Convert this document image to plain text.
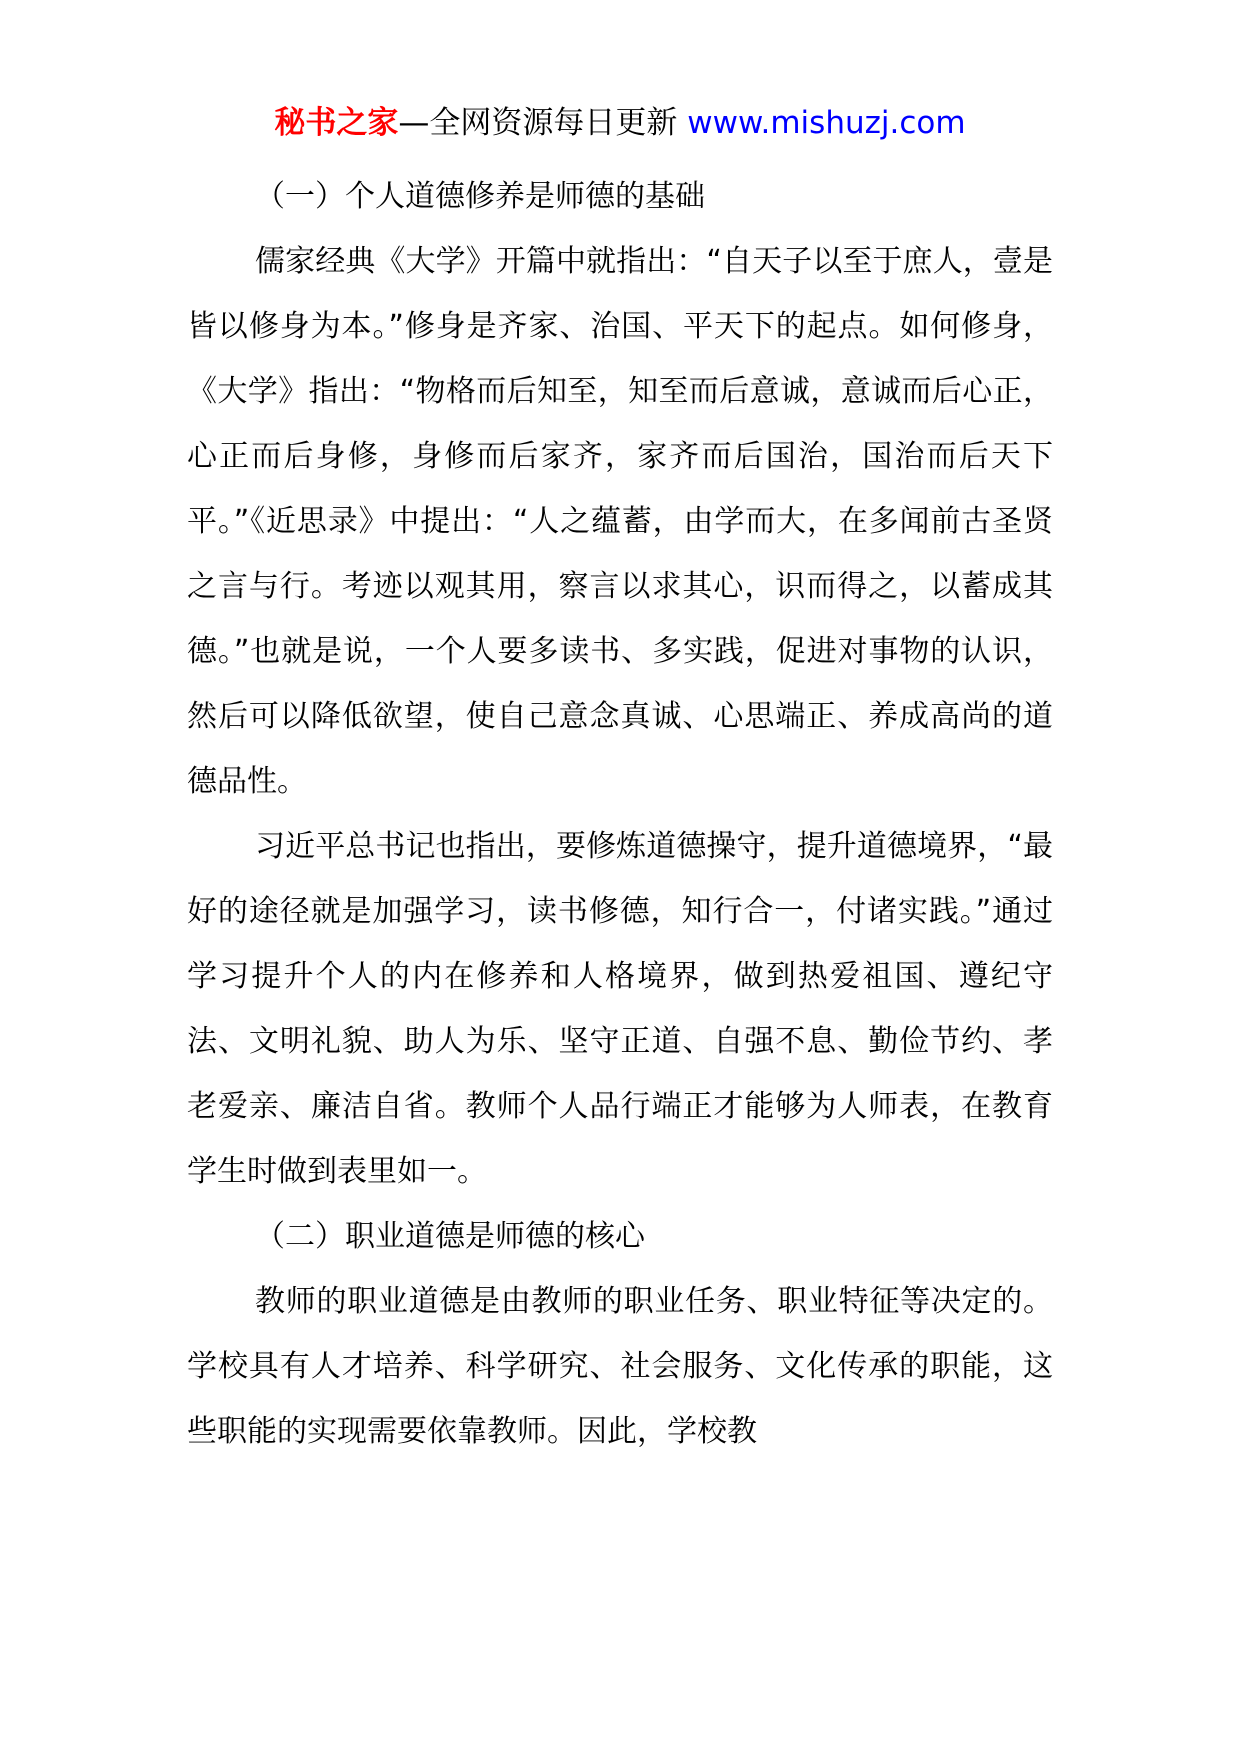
秘书之家—全网资源每日更新 www.mishuzj.com

（一）个人道德修养是师德的基础

儒家经典《大学》开篇中就指出：“自天子以至于庶人，壹是皆以修身为本。”修身是齐家、治国、平天下的起点。如何修身，《大学》指出：“物格而后知至，知至而后意诚，意诚而后心正，心正而后身修，身修而后家齐，家齐而后国治，国治而后天下平。”《近思录》中提出：“人之蕴蓄，由学而大，在多闻前古圣贤之言与行。考迹以观其用，察言以求其心，识而得之，以蓄成其德。”也就是说，一个人要多读书、多实践，促进对事物的认识，然后可以降低欲望，使自己意念真诚、心思端正、养成高尚的道德品性。

习近平总书记也指出，要修炼道德操守，提升道德境界，“最好的途径就是加强学习，读书修德，知行合一，付诸实践。”通过学习提升个人的内在修养和人格境界，做到热爱祖国、遵纪守法、文明礼貌、助人为乐、坚守正道、自强不息、勤俭节约、孝老爱亲、廉洁自省。教师个人品行端正才能够为人师表，在教育学生时做到表里如一。

（二）职业道德是师德的核心

教师的职业道德是由教师的职业任务、职业特征等决定的。学校具有人才培养、科学研究、社会服务、文化传承的职能，这些职能的实现需要依靠教师。因此，学校教
